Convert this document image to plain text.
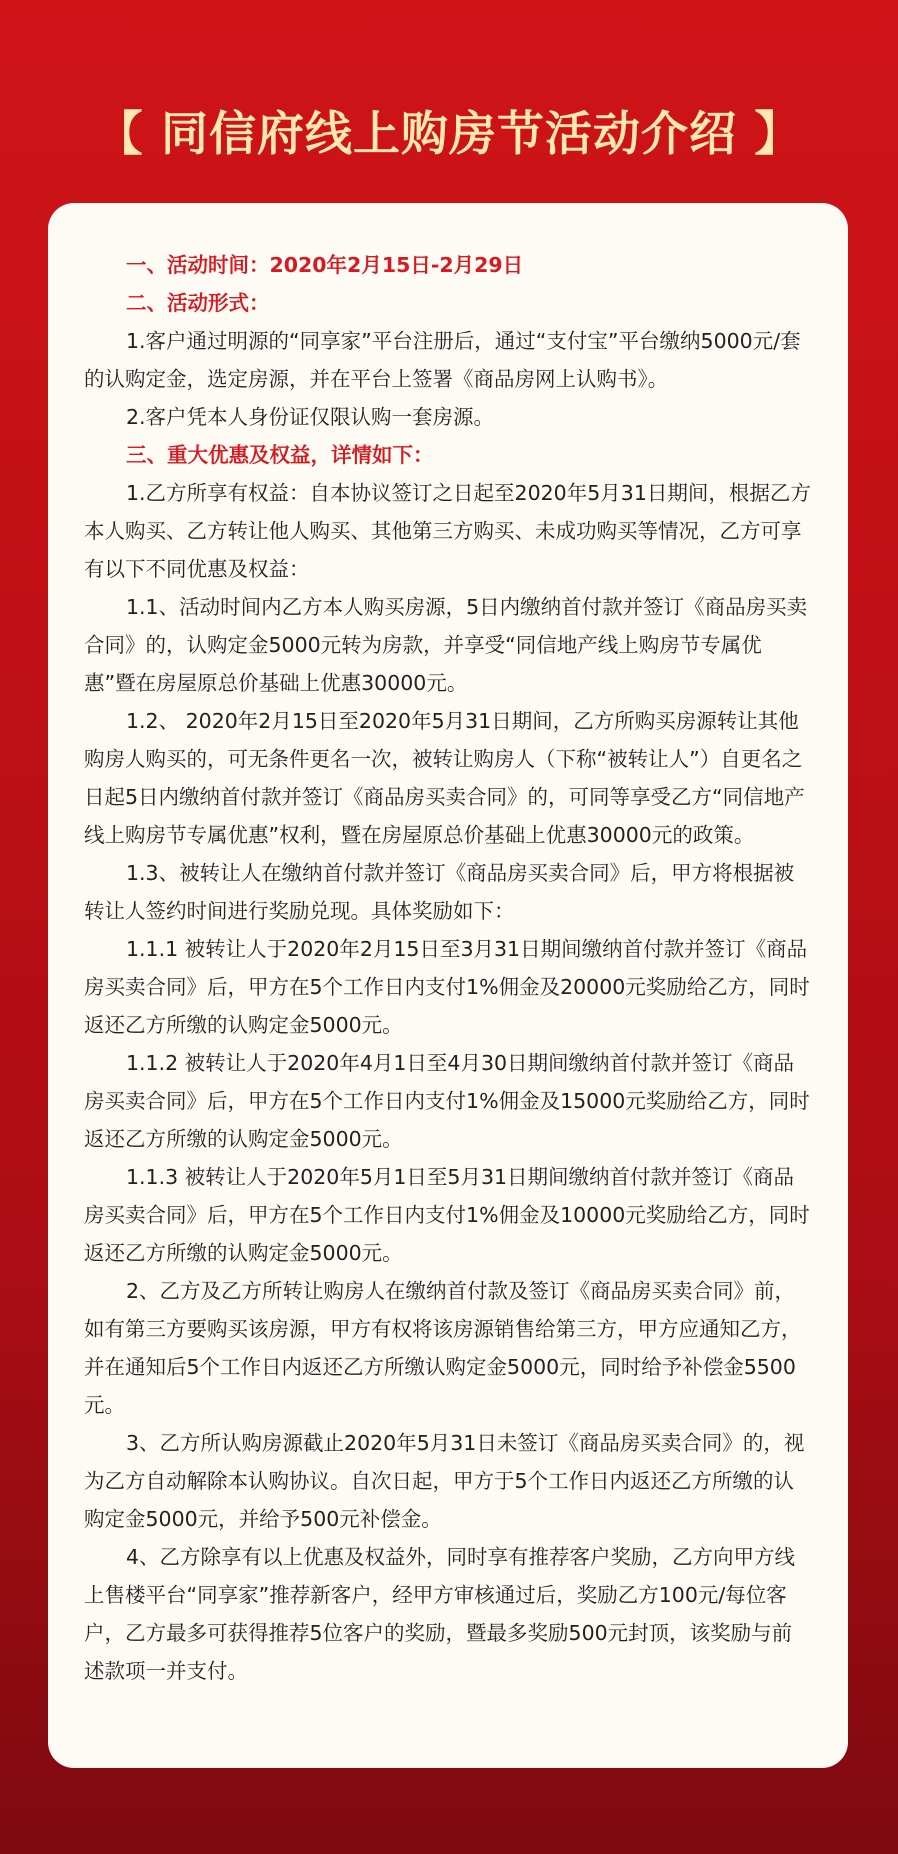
【 同信府线上购房节活动介绍 】

一、活动时间：2020年2月15日-2月29日

二、活动形式：

1.客户通过明源的“同享家”平台注册后，通过“支付宝”平台缴纳5000元/套的认购定金，选定房源，并在平台上签署《商品房网上认购书》。

2.客户凭本人身份证仅限认购一套房源。

三、重大优惠及权益，详情如下：

1.乙方所享有权益：自本协议签订之日起至2020年5月31日期间，根据乙方本人购买、乙方转让他人购买、其他第三方购买、未成功购买等情况，乙方可享有以下不同优惠及权益：

1.1、活动时间内乙方本人购买房源，5日内缴纳首付款并签订《商品房买卖合同》的，认购定金5000元转为房款，并享受“同信地产线上购房节专属优惠”暨在房屋原总价基础上优惠30000元。

1.2、 2020年2月15日至2020年5月31日期间，乙方所购买房源转让其他购房人购买的，可无条件更名一次，被转让购房人（下称“被转让人”）自更名之日起5日内缴纳首付款并签订《商品房买卖合同》的，可同等享受乙方“同信地产线上购房节专属优惠”权利，暨在房屋原总价基础上优惠30000元的政策。

1.3、被转让人在缴纳首付款并签订《商品房买卖合同》后，甲方将根据被转让人签约时间进行奖励兑现。具体奖励如下：

1.1.1 被转让人于2020年2月15日至3月31日期间缴纳首付款并签订《商品房买卖合同》后，甲方在5个工作日内支付1%佣金及20000元奖励给乙方，同时返还乙方所缴的认购定金5000元。

1.1.2 被转让人于2020年4月1日至4月30日期间缴纳首付款并签订《商品房买卖合同》后，甲方在5个工作日内支付1%佣金及15000元奖励给乙方，同时返还乙方所缴的认购定金5000元。

1.1.3 被转让人于2020年5月1日至5月31日期间缴纳首付款并签订《商品房买卖合同》后，甲方在5个工作日内支付1%佣金及10000元奖励给乙方，同时返还乙方所缴的认购定金5000元。

2、乙方及乙方所转让购房人在缴纳首付款及签订《商品房买卖合同》前，如有第三方要购买该房源，甲方有权将该房源销售给第三方，甲方应通知乙方，并在通知后5个工作日内返还乙方所缴认购定金5000元，同时给予补偿金5500元。

3、乙方所认购房源截止2020年5月31日未签订《商品房买卖合同》的，视为乙方自动解除本认购协议。自次日起，甲方于5个工作日内返还乙方所缴的认购定金5000元，并给予500元补偿金。

4、乙方除享有以上优惠及权益外，同时享有推荐客户奖励，乙方向甲方线上售楼平台“同享家”推荐新客户，经甲方审核通过后，奖励乙方100元/每位客户，乙方最多可获得推荐5位客户的奖励，暨最多奖励500元封顶，该奖励与前述款项一并支付。
